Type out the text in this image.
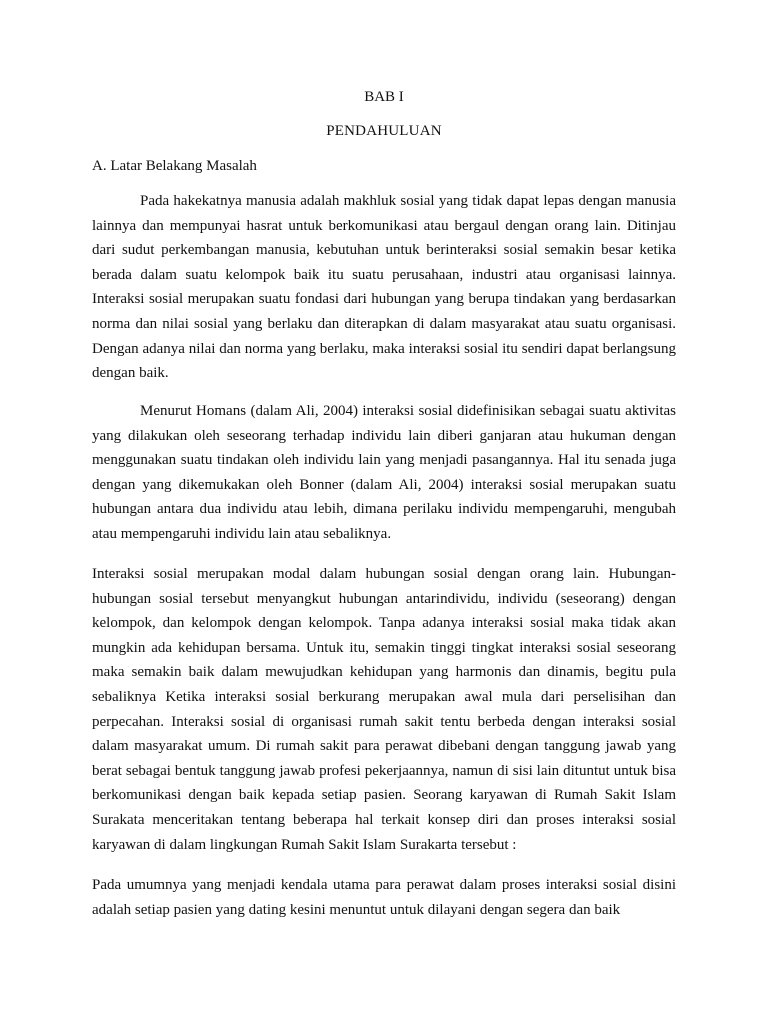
BAB I
PENDAHULUAN
A. Latar Belakang Masalah

Pada hakekatnya manusia adalah makhluk sosial yang tidak dapat lepas dengan manusia lainnya dan mempunyai hasrat untuk berkomunikasi atau bergaul dengan orang lain. Ditinjau dari sudut perkembangan manusia, kebutuhan untuk berinteraksi sosial semakin besar ketika berada dalam suatu kelompok baik itu suatu perusahaan, industri atau organisasi lainnya. Interaksi sosial merupakan suatu fondasi dari hubungan yang berupa tindakan yang berdasarkan norma dan nilai sosial yang berlaku dan diterapkan di dalam masyarakat atau suatu organisasi. Dengan adanya nilai dan norma yang berlaku, maka interaksi sosial itu sendiri dapat berlangsung dengan baik.

Menurut Homans (dalam Ali, 2004) interaksi sosial didefinisikan sebagai suatu aktivitas yang dilakukan oleh seseorang terhadap individu lain diberi ganjaran atau hukuman dengan menggunakan suatu tindakan oleh individu lain yang menjadi pasangannya. Hal itu senada juga dengan yang dikemukakan oleh Bonner (dalam Ali, 2004) interaksi sosial merupakan suatu hubungan antara dua individu atau lebih, dimana perilaku individu mempengaruhi, mengubah atau mempengaruhi individu lain atau sebaliknya.

Interaksi sosial merupakan modal dalam hubungan sosial dengan orang lain. Hubungan-hubungan sosial tersebut menyangkut hubungan antarindividu, individu (seseorang) dengan kelompok, dan kelompok dengan kelompok. Tanpa adanya interaksi sosial maka tidak akan mungkin ada kehidupan bersama. Untuk itu, semakin tinggi tingkat interaksi sosial seseorang maka semakin baik dalam mewujudkan kehidupan yang harmonis dan dinamis, begitu pula sebaliknya Ketika interaksi sosial berkurang merupakan awal mula dari perselisihan dan perpecahan. Interaksi sosial di organisasi rumah sakit tentu berbeda dengan interaksi sosial dalam masyarakat umum. Di rumah sakit para perawat dibebani dengan tanggung jawab yang berat sebagai bentuk tanggung jawab profesi pekerjaannya, namun di sisi lain dituntut untuk bisa berkomunikasi dengan baik kepada setiap pasien. Seorang karyawan di Rumah Sakit Islam Surakata menceritakan tentang beberapa hal terkait konsep diri dan proses interaksi sosial karyawan di dalam lingkungan Rumah Sakit Islam Surakarta tersebut :

Pada umumnya yang menjadi kendala utama para perawat dalam proses interaksi sosial disini adalah setiap pasien yang dating kesini menuntut untuk dilayani dengan segera dan baik
